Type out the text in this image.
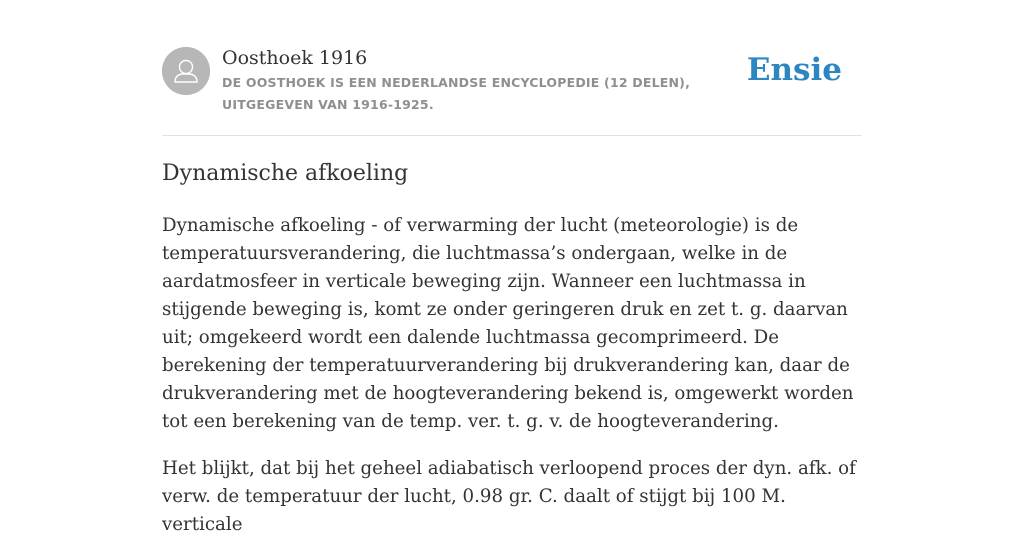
Oosthoek 1916
DE OOSTHOEK IS EEN NEDERLANDSE ENCYCLOPEDIE (12 DELEN), UITGEGEVEN VAN 1916-1925.
Ensie
Dynamische afkoeling

Dynamische afkoeling - of verwarming der lucht (meteorologie) is de temperatuursverandering, die luchtmassa’s ondergaan, welke in de aardatmosfeer in verticale beweging zijn. Wanneer een luchtmassa in stijgende beweging is, komt ze onder geringeren druk en zet t. g. daarvan uit; omgekeerd wordt een dalende luchtmassa gecomprimeerd. De berekening der temperatuurverandering bij drukverandering kan, daar de drukverandering met de hoogteverandering bekend is, omgewerkt worden tot een berekening van de temp. ver. t. g. v. de hoogteverandering.

Het blijkt, dat bij het geheel adiabatisch verloopend proces der dyn. afk. of verw. de temperatuur der lucht, 0.98 gr. C. daalt of stijgt bij 100 M. verticale
